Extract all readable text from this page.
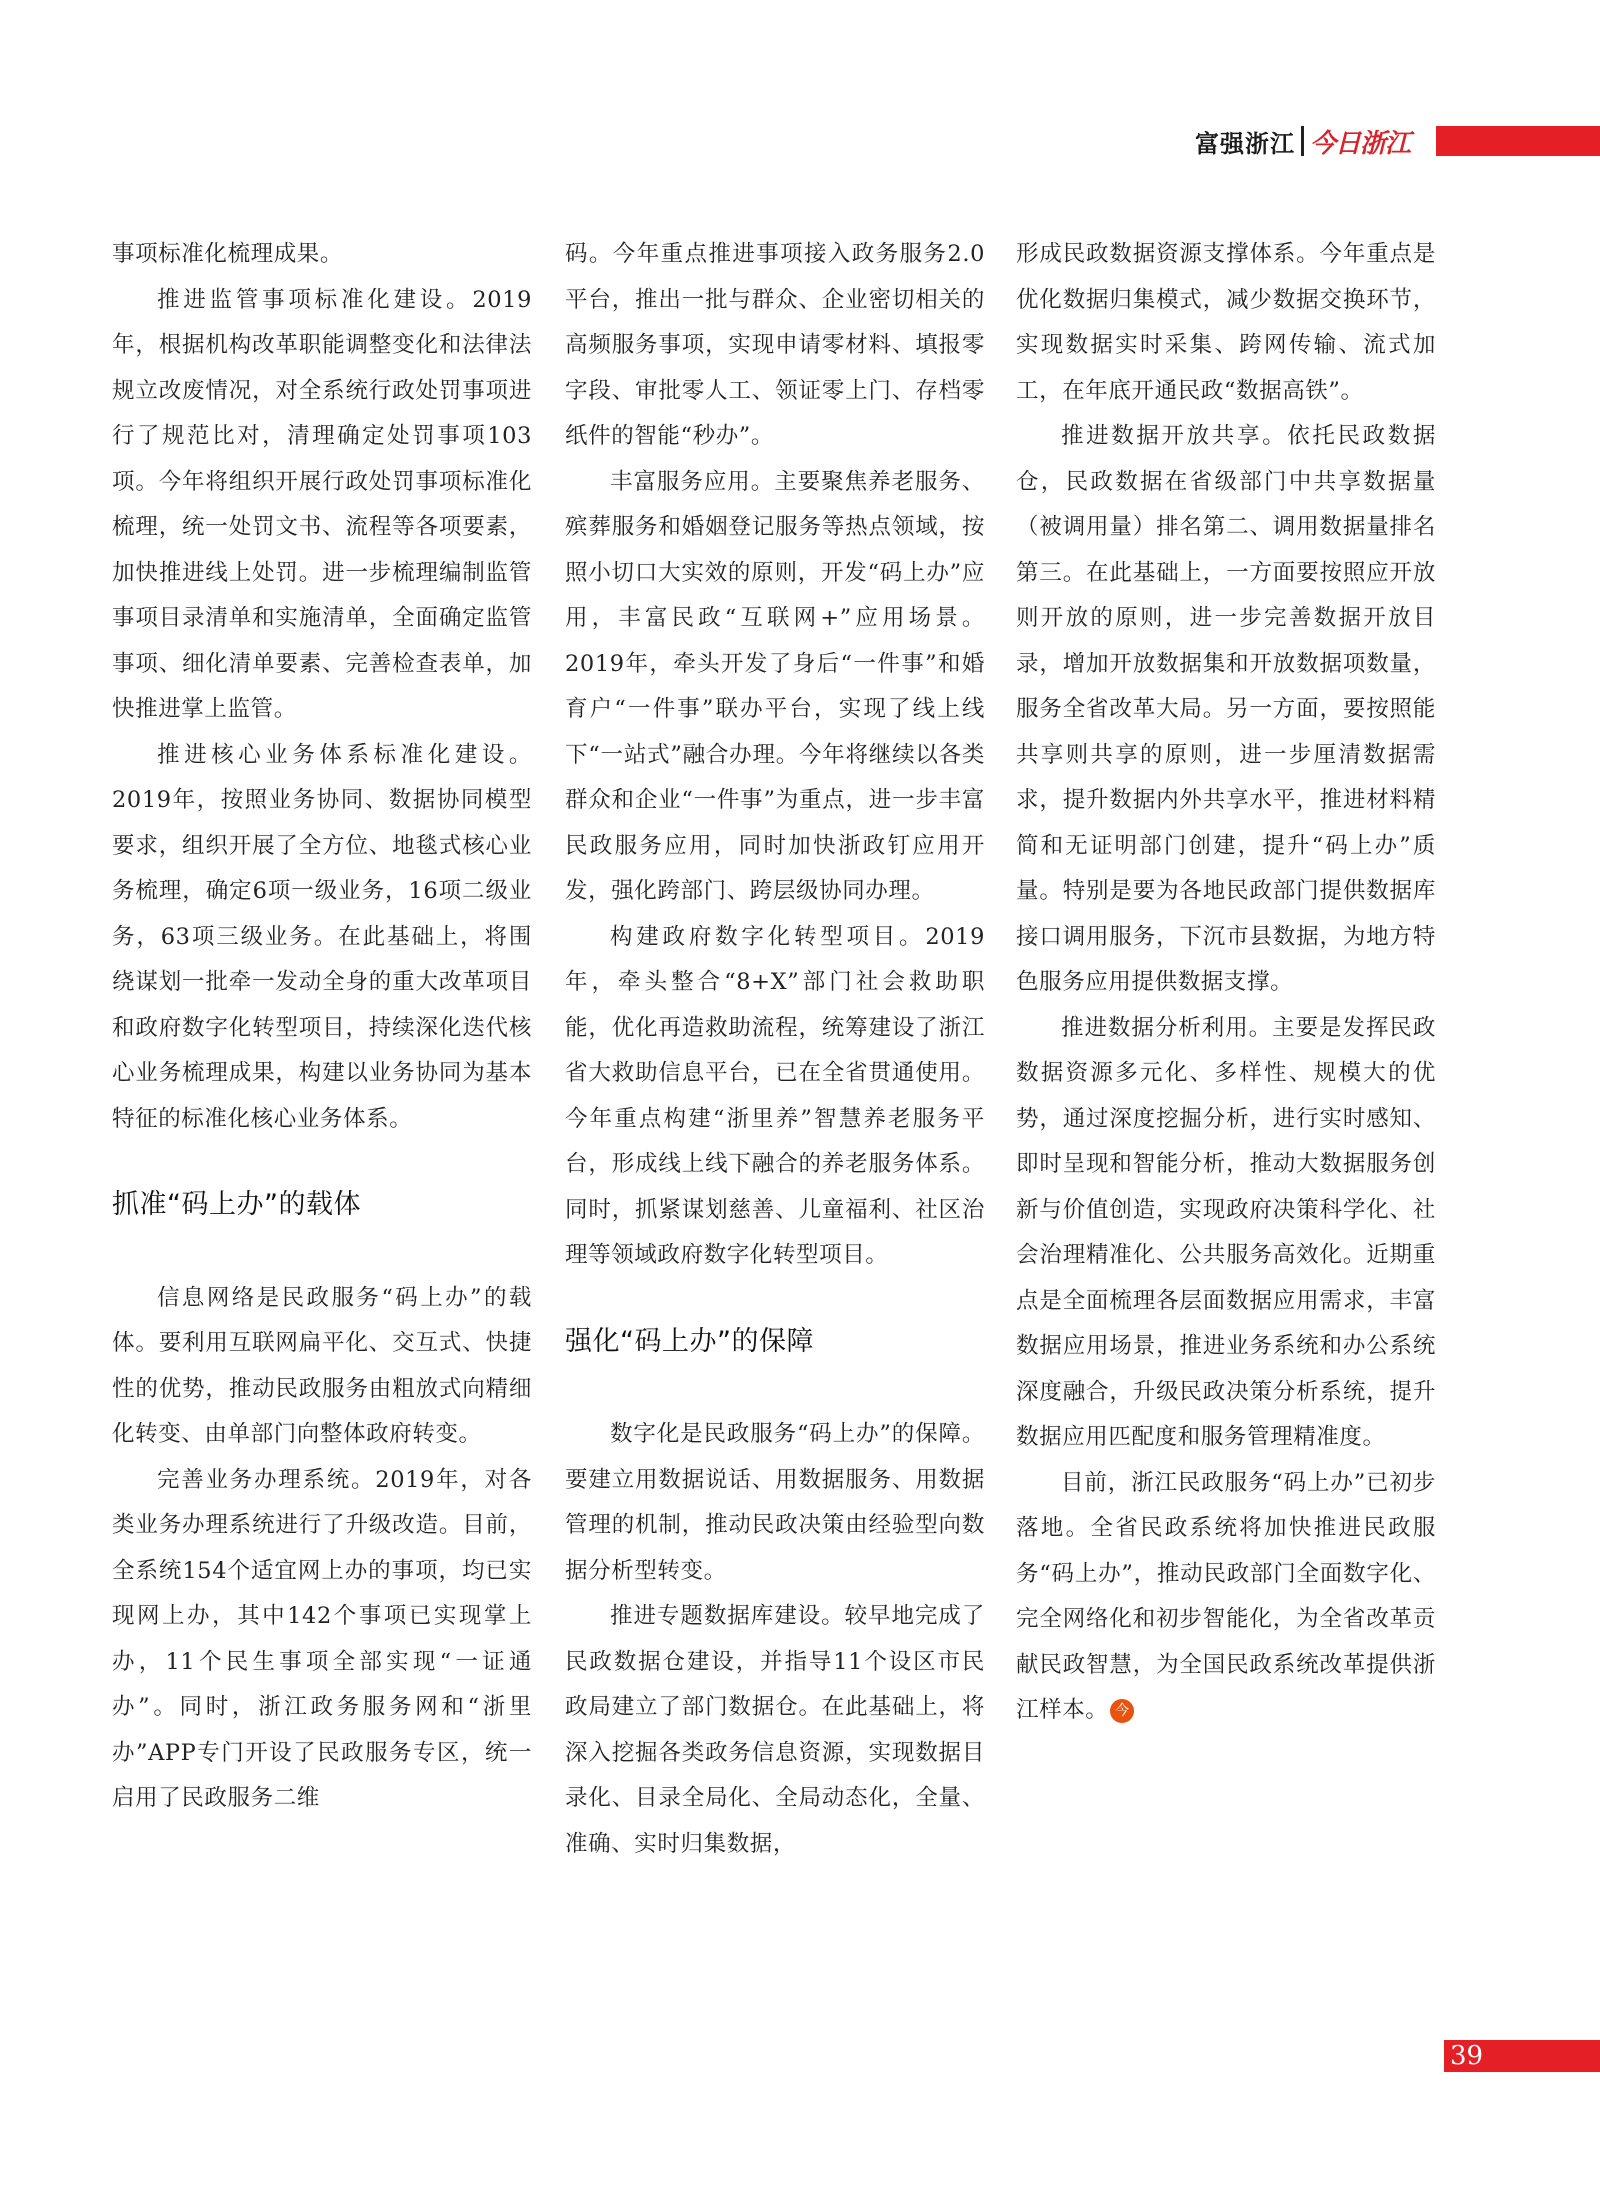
富强浙江 今日浙江

事项标准化梳理成果。

推进监管事项标准化建设。2019年，根据机构改革职能调整变化和法律法规立改废情况，对全系统行政处罚事项进行了规范比对，清理确定处罚事项103项。今年将组织开展行政处罚事项标准化梳理，统一处罚文书、流程等各项要素，加快推进线上处罚。进一步梳理编制监管事项目录清单和实施清单，全面确定监管事项、细化清单要素、完善检查表单，加快推进掌上监管。

推进核心业务体系标准化建设。2019年，按照业务协同、数据协同模型要求，组织开展了全方位、地毯式核心业务梳理，确定6项一级业务，16项二级业务，63项三级业务。在此基础上，将围绕谋划一批牵一发动全身的重大改革项目和政府数字化转型项目，持续深化迭代核心业务梳理成果，构建以业务协同为基本特征的标准化核心业务体系。

抓准“码上办”的载体

信息网络是民政服务“码上办”的载体。要利用互联网扁平化、交互式、快捷性的优势，推动民政服务由粗放式向精细化转变、由单部门向整体政府转变。

完善业务办理系统。2019年，对各类业务办理系统进行了升级改造。目前，全系统154个适宜网上办的事项，均已实现网上办，其中142个事项已实现掌上办，11个民生事项全部实现“一证通办”。同时，浙江政务服务网和“浙里办”APP专门开设了民政服务专区，统一启用了民政服务二维

码。今年重点推进事项接入政务服务2.0平台，推出一批与群众、企业密切相关的高频服务事项，实现申请零材料、填报零字段、审批零人工、领证零上门、存档零纸件的智能“秒办”。

丰富服务应用。主要聚焦养老服务、殡葬服务和婚姻登记服务等热点领域，按照小切口大实效的原则，开发“码上办”应用，丰富民政“互联网+”应用场景。2019年，牵头开发了身后“一件事”和婚育户“一件事”联办平台，实现了线上线下“一站式”融合办理。今年将继续以各类群众和企业“一件事”为重点，进一步丰富民政服务应用，同时加快浙政钉应用开发，强化跨部门、跨层级协同办理。

构建政府数字化转型项目。2019年，牵头整合“8+X”部门社会救助职能，优化再造救助流程，统筹建设了浙江省大救助信息平台，已在全省贯通使用。今年重点构建“浙里养”智慧养老服务平台，形成线上线下融合的养老服务体系。同时，抓紧谋划慈善、儿童福利、社区治理等领域政府数字化转型项目。

强化“码上办”的保障

数字化是民政服务“码上办”的保障。要建立用数据说话、用数据服务、用数据管理的机制，推动民政决策由经验型向数据分析型转变。

推进专题数据库建设。较早地完成了民政数据仓建设，并指导11个设区市民政局建立了部门数据仓。在此基础上，将深入挖掘各类政务信息资源，实现数据目录化、目录全局化、全局动态化，全量、准确、实时归集数据，

形成民政数据资源支撑体系。今年重点是优化数据归集模式，减少数据交换环节，实现数据实时采集、跨网传输、流式加工，在年底开通民政“数据高铁”。

推进数据开放共享。依托民政数据仓，民政数据在省级部门中共享数据量（被调用量）排名第二、调用数据量排名第三。在此基础上，一方面要按照应开放则开放的原则，进一步完善数据开放目录，增加开放数据集和开放数据项数量，服务全省改革大局。另一方面，要按照能共享则共享的原则，进一步厘清数据需求，提升数据内外共享水平，推进材料精简和无证明部门创建，提升“码上办”质量。特别是要为各地民政部门提供数据库接口调用服务，下沉市县数据，为地方特色服务应用提供数据支撑。

推进数据分析利用。主要是发挥民政数据资源多元化、多样性、规模大的优势，通过深度挖掘分析，进行实时感知、即时呈现和智能分析，推动大数据服务创新与价值创造，实现政府决策科学化、社会治理精准化、公共服务高效化。近期重点是全面梳理各层面数据应用需求，丰富数据应用场景，推进业务系统和办公系统深度融合，升级民政决策分析系统，提升数据应用匹配度和服务管理精准度。

目前，浙江民政服务“码上办”已初步落地。全省民政系统将加快推进民政服务“码上办”，推动民政部门全面数字化、完全网络化和初步智能化，为全省改革贡献民政智慧，为全国民政系统改革提供浙江样本。 今

39
